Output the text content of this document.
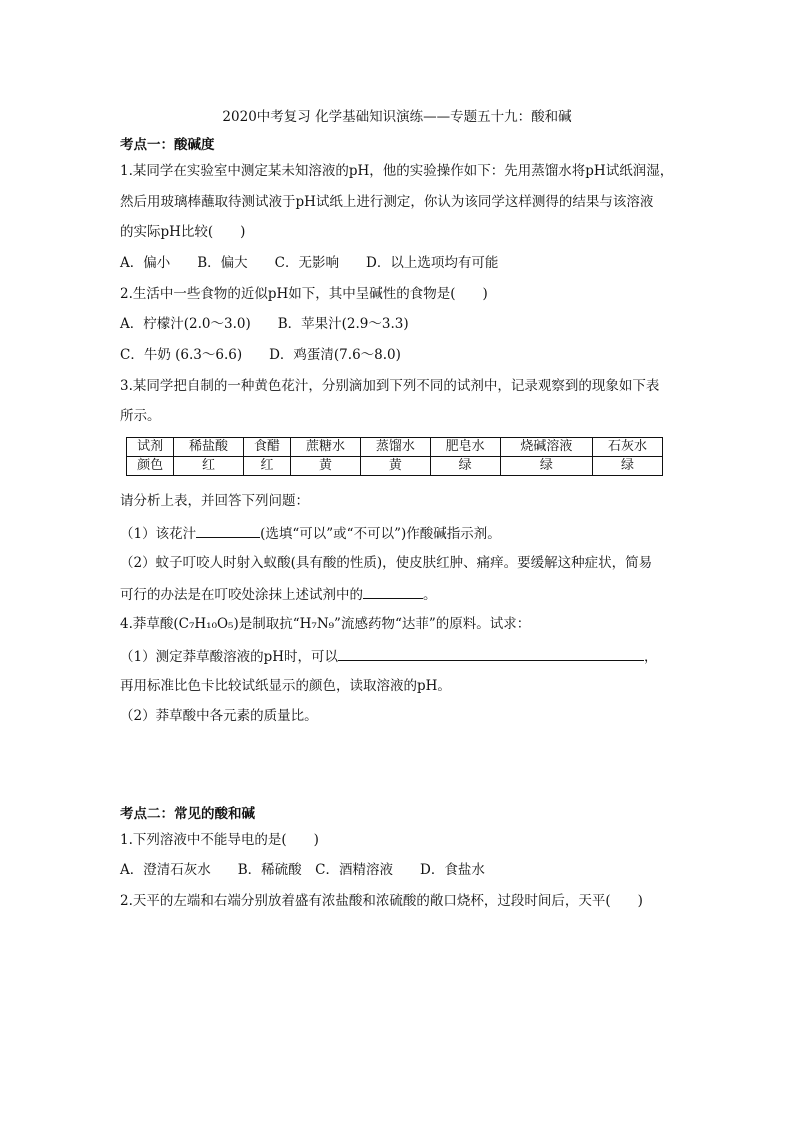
2020中考复习 化学基础知识演练——专题五十九：酸和碱
考点一：酸碱度
1.某同学在实验室中测定某未知溶液的pH，他的实验操作如下：先用蒸馏水将pH试纸润湿，
然后用玻璃棒蘸取待测试液于pH试纸上进行测定，你认为该同学这样测得的结果与该溶液
的实际pH比较(　　)
A．偏小　　B．偏大　　C．无影响　　D．以上选项均有可能
2.生活中一些食物的近似pH如下，其中呈碱性的食物是(　　)
A．柠檬汁(2.0～3.0)　　B．苹果汁(2.9～3.3)
C．牛奶 (6.3～6.6)　　D．鸡蛋清(7.6～8.0)
3.某同学把自制的一种黄色花汁，分别滴加到下列不同的试剂中，记录观察到的现象如下表
所示。
试剂	稀盐酸	食醋	蔗糖水	蒸馏水	肥皂水	烧碱溶液	石灰水
颜色	红	红	黄	黄	绿	绿	绿
请分析上表，并回答下列问题：
（1）该花汁	(选填“可以”或“不可以”)作酸碱指示剂。
（2）蚊子叮咬人时射入蚁酸(具有酸的性质)，使皮肤红肿、痛痒。要缓解这种症状，简易
可行的办法是在叮咬处涂抹上述试剂中的	。
4.莽草酸(C₇H₁₀O₅)是制取抗“H₇N₉”流感药物“达菲”的原料。试求：
（1）测定莽草酸溶液的pH时，可以	，
再用标准比色卡比较试纸显示的颜色，读取溶液的pH。
（2）莽草酸中各元素的质量比。
考点二：常见的酸和碱
1.下列溶液中不能导电的是(　　)
A．澄清石灰水　　B．稀硫酸　C．酒精溶液　　D．食盐水
2.天平的左端和右端分别放着盛有浓盐酸和浓硫酸的敞口烧杯，过段时间后，天平(　　)
